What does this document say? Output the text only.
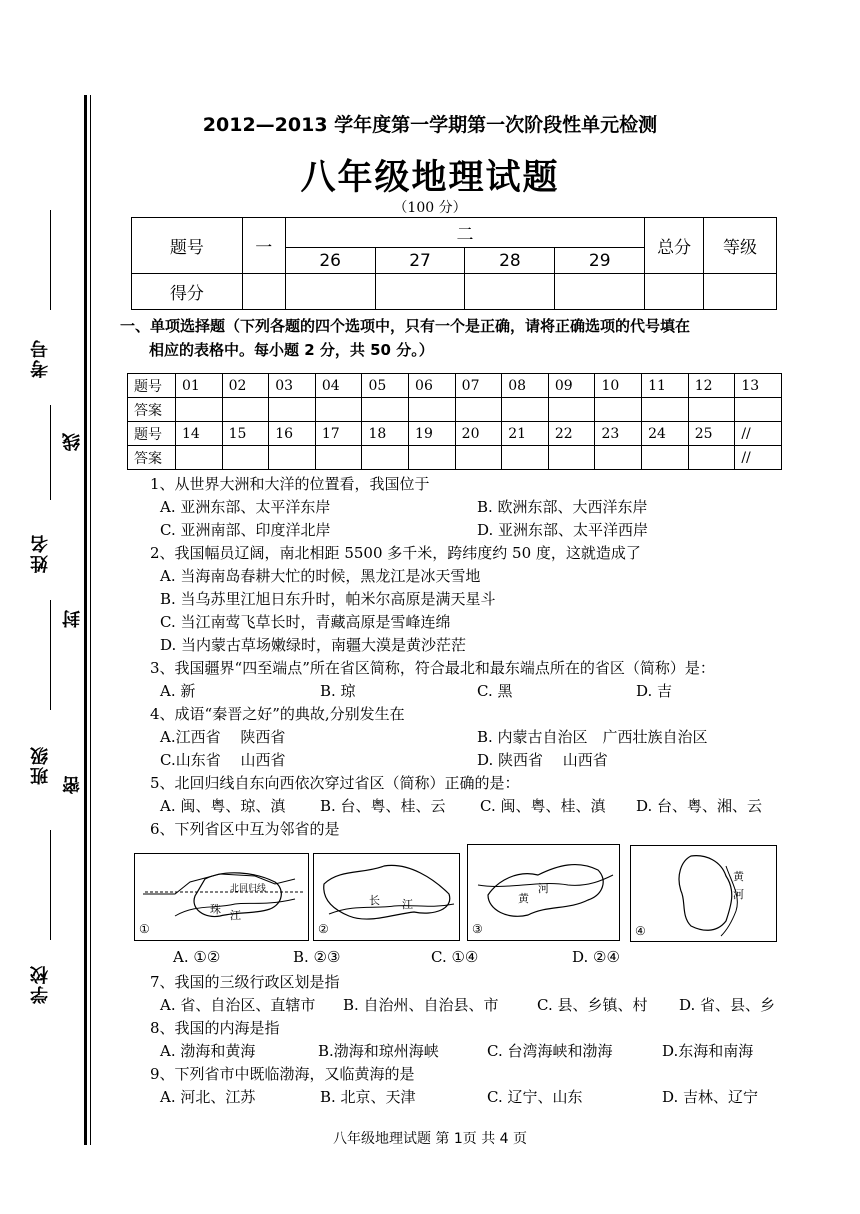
考号
姓名
班级
学校
线
封
密
2012—2013 学年度第一学期第一次阶段性单元检测
八年级地理试题
（100 分）
题号	一	二				总分	等级
		26	27	28	29		
得分							
一、单项选择题（下列各题的四个选项中，只有一个是正确，请将正确选项的代号填在
相应的表格中。每小题 2 分，共 50 分。）
题号	01	02	03	04	05	06	07	08	09	10	11	12	13
答案													
题号	14	15	16	17	18	19	20	21	22	23	24	25	//
答案													//
1、从世界大洲和大洋的位置看，我国位于
A. 亚洲东部、太平洋东岸	B. 欧洲东部、大西洋东岸
C. 亚洲南部、印度洋北岸	D. 亚洲东部、太平洋西岸
2、我国幅员辽阔，南北相距 5500 多千米，跨纬度约 50 度，这就造成了
A. 当海南岛春耕大忙的时候，黑龙江是冰天雪地
B. 当乌苏里江旭日东升时，帕米尔高原是满天星斗
C. 当江南莺飞草长时，青藏高原是雪峰连绵
D. 当内蒙古草场嫩绿时，南疆大漠是黄沙茫茫
3、我国疆界“四至端点”所在省区简称，符合最北和最东端点所在的省区（简称）是：
A. 新	B. 琼	C. 黑	D. 吉
4、成语“秦晋之好”的典故,分别发生在
A.江西省　 陕西省	B. 内蒙古自治区　广西壮族自治区
C.山东省　 山西省	D. 陕西省　 山西省
5、北回归线自东向西依次穿过省区（简称）正确的是：
A. 闽、粤、琼、滇 B. 台、粤、桂、云 C. 闽、粤、桂、滇 D. 台、粤、湘、云
6、下列省区中互为邻省的是
北回归线
珠 江
①
长 江
②
黄
河
③
黄
河
④
A. ①②	B. ②③	C. ①④	D. ②④
7、我国的三级行政区划是指
A. 省、自治区、直辖市 B. 自治州、自治县、市	C. 县、乡镇、村 D. 省、县、乡
8、我国的内海是指
A. 渤海和黄海	B.渤海和琼州海峡	C. 台湾海峡和渤海	D.东海和南海
9、下列省市中既临渤海，又临黄海的是
A. 河北、江苏	B. 北京、天津	C. 辽宁、山东	D. 吉林、辽宁
八年级地理试题 第 1页 共 4 页
